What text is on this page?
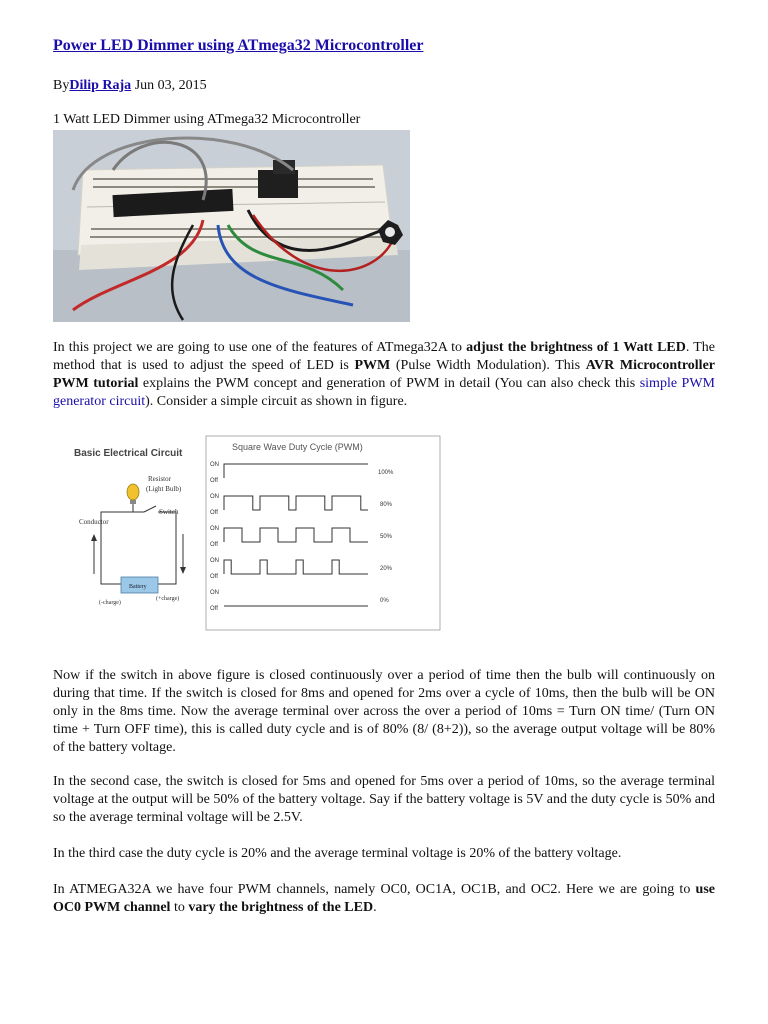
Power LED Dimmer using ATmega32 Microcontroller
ByDilip Raja Jun 03, 2015
1 Watt LED Dimmer using ATmega32 Microcontroller
In this project we are going to use one of the features of ATmega32A to adjust the brightness of 1 Watt LED. The method that is used to adjust the speed of LED is PWM (Pulse Width Modulation). This AVR Microcontroller PWM tutorial explains the PWM concept and generation of PWM in detail (You can also check this simple PWM generator circuit). Consider a simple circuit as shown in figure.
Basic Electrical Circuit
Resistor
(Light Bulb)
Switch
Conductor
Battery
(-charge)
(+charge)
Square Wave Duty Cycle (PWM)
ON
Off
100%
ON
Off
80%
ON
Off
50%
ON
Off
20%
ON
Off
0%
Now if the switch in above figure is closed continuously over a period of time then the bulb will continuously on during that time. If the switch is closed for 8ms and opened for 2ms over a cycle of 10ms, then the bulb will be ON only in the 8ms time. Now the average terminal over across the over a period of 10ms = Turn ON time/ (Turn ON time + Turn OFF time), this is called duty cycle and is of 80% (8/ (8+2)), so the average output voltage will be 80% of the battery voltage.
In the second case, the switch is closed for 5ms and opened for 5ms over a period of 10ms, so the average terminal voltage at the output will be 50% of the battery voltage. Say if the battery voltage is 5V and the duty cycle is 50% and so the average terminal voltage will be 2.5V.
In the third case the duty cycle is 20% and the average terminal voltage is 20% of the battery voltage.
In ATMEGA32A we have four PWM channels, namely OC0, OC1A, OC1B, and OC2. Here we are going to use OC0 PWM channel to vary the brightness of the LED.
